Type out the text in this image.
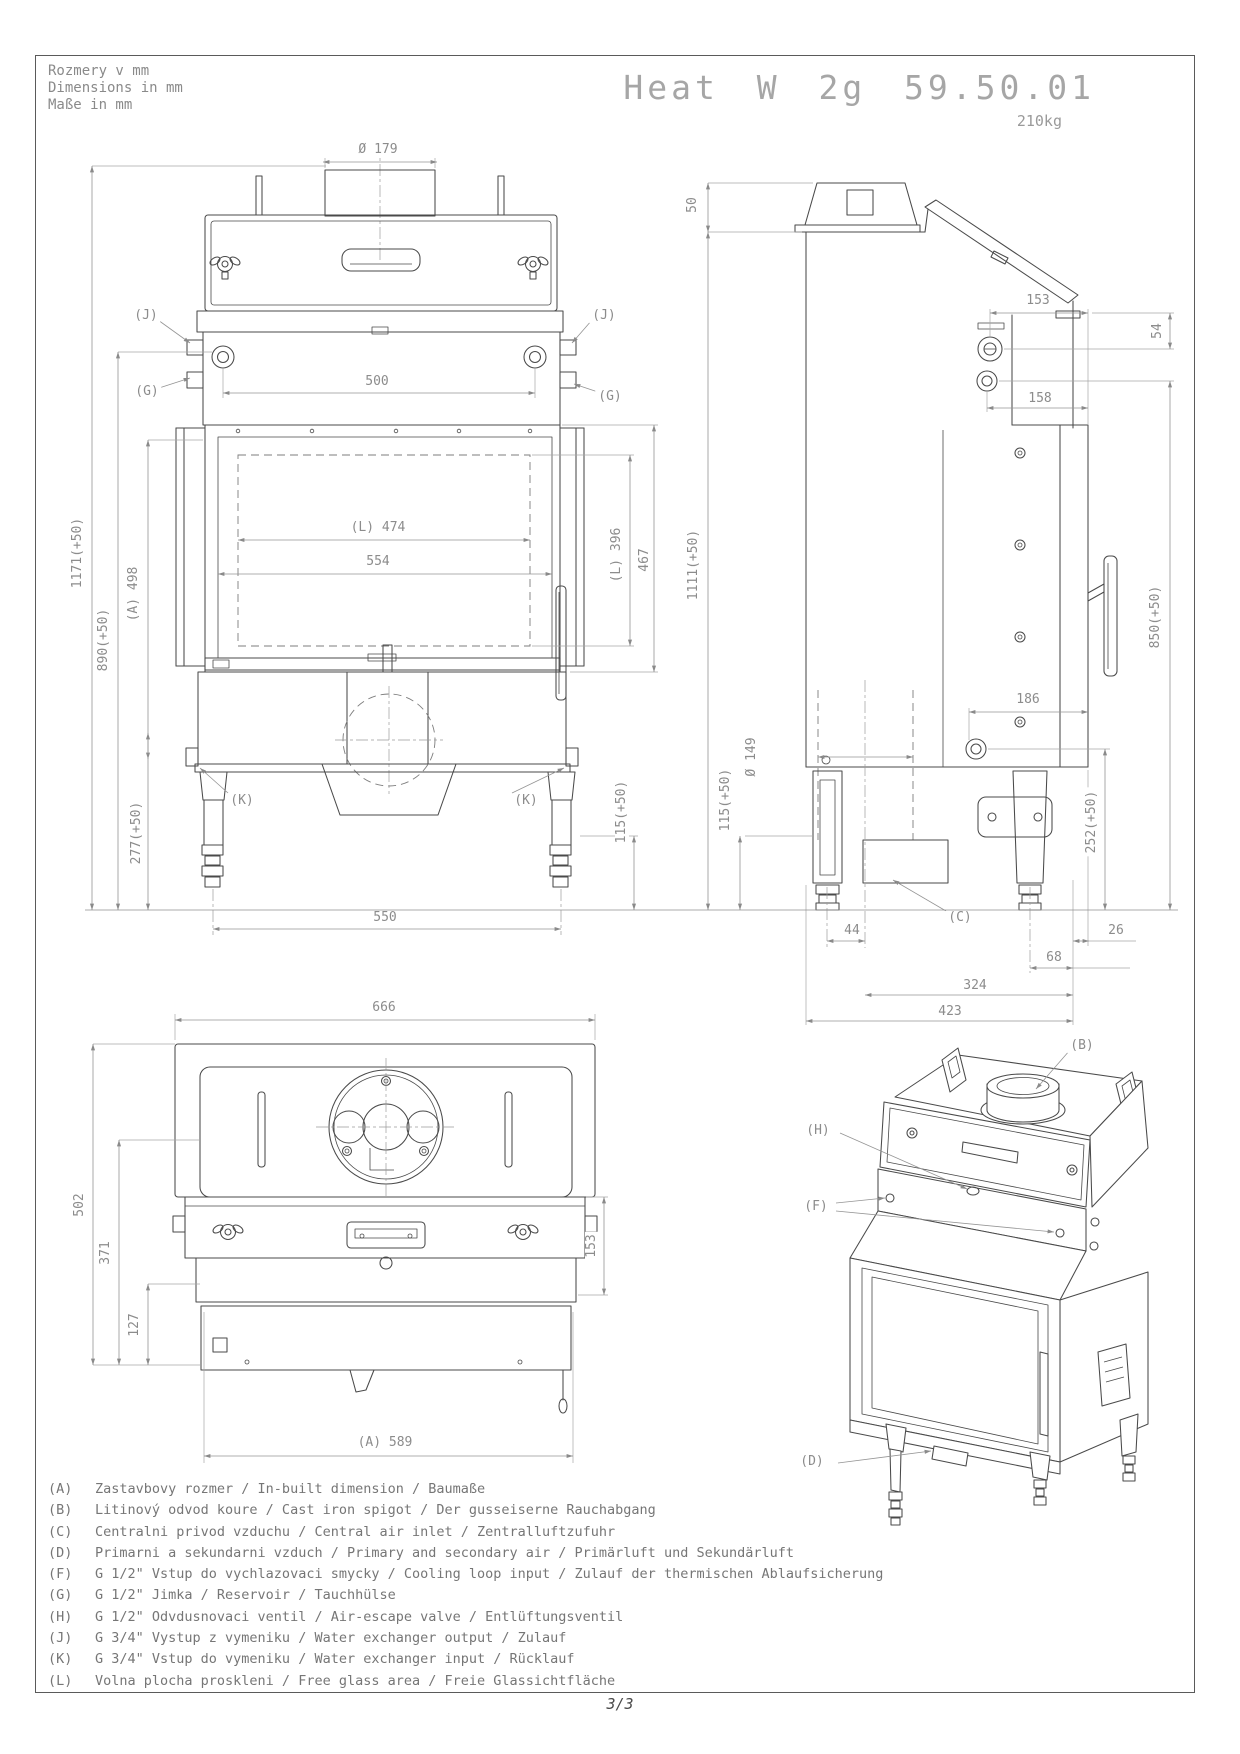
Rozmery v mm
Dimensions in mm
Maße in mm	Heat W 2g 59.50.01
210kg
Ø 179
(J)	(J)
(G)	(G)
500
(L) 474
554
1171(+50)
890(+50)
(A) 498
277(+50)
467
(L) 396
115(+50)
(K)	(K)
550
50
153
54
158
1111(+50)
850(+50)
186
Ø 149
115(+50)	252(+50)
(C)
44	26
68
324
423
666
502
371
127
153
(A) 589
(B)
(H)
(F)
(D)
(A) Zastavbovy rozmer / In-built dimension / Baumaße
(B) Litinový odvod koure / Cast iron spigot / Der gusseiserne Rauchabgang
(C) Centralni privod vzduchu / Central air inlet / Zentralluftzufuhr
(D) Primarni a sekundarni vzduch / Primary and secondary air / Primärluft und Sekundärluft
(F) G 1/2" Vstup do vychlazovaci smycky / Cooling loop input / Zulauf der thermischen Ablaufsicherung
(G) G 1/2" Jimka / Reservoir / Tauchhülse
(H) G 1/2" Odvdusnovaci ventil / Air-escape valve / Entlüftungsventil
(J) G 3/4" Vystup z vymeniku / Water exchanger output / Zulauf
(K) G 3/4" Vstup do vymeniku / Water exchanger input / Rücklauf
(L) Volna plocha proskleni / Free glass area / Freie Glassichtfläche
3/3
